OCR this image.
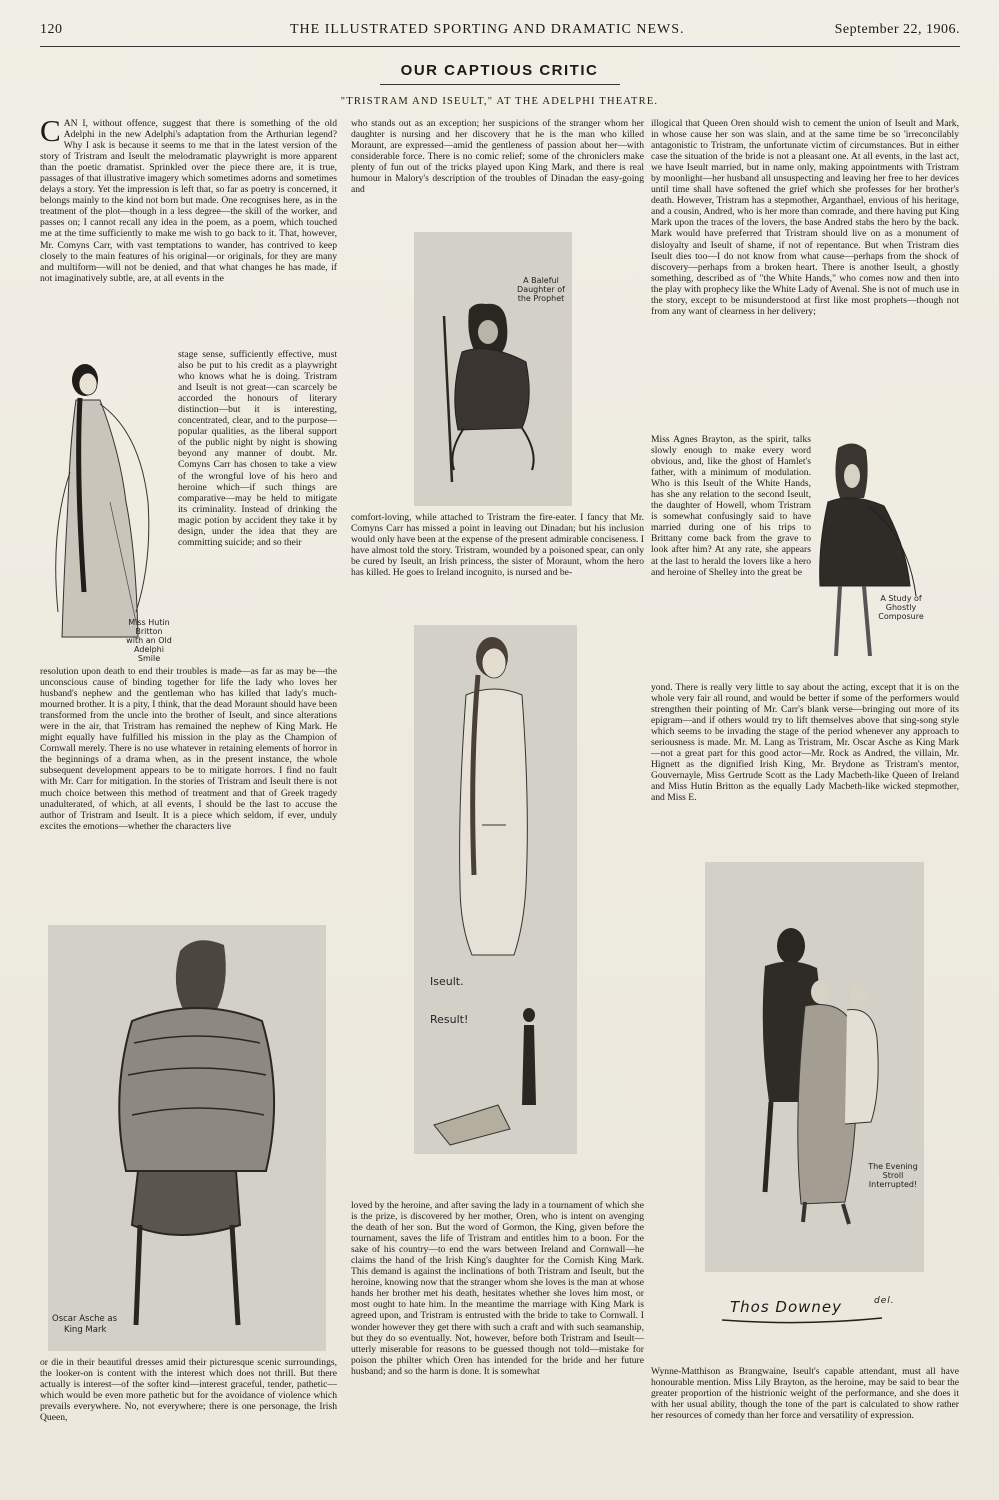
120	THE ILLUSTRATED SPORTING AND DRAMATIC NEWS.	September 22, 1906.
OUR CAPTIOUS CRITIC
"TRISTRAM AND ISEULT," AT THE ADELPHI THEATRE.
CAN I, without offence, suggest that there is something of the old Adelphi in the new Adelphi's adaptation from the Arthurian legend? Why I ask is because it seems to me that in the latest version of the story of Tristram and Iseult the melodramatic playwright is more apparent than the poetic dramatist. Sprinkled over the piece there are, it is true, passages of that illustrative imagery which sometimes adorns and sometimes delays a story. Yet the impression is left that, so far as poetry is concerned, it belongs mainly to the kind not born but made. One recognises here, as in the treatment of the plot—though in a less degree—the skill of the worker, and passes on; I cannot recall any idea in the poem, as a poem, which touched me at the time sufficiently to make me wish to go back to it. That, however, Mr. Comyns Carr, with vast temptations to wander, has contrived to keep closely to the main features of his original—or originals, for they are many and multiform—will not be denied, and that what changes he has made, if not imaginatively subtle, are, at all events in the

stage sense, sufficiently effective, must also be put to his credit as a playwright who knows what he is doing. Tristram and Iseult is not great—can scarcely be accorded the honours of literary distinction—but it is interesting, concentrated, clear, and to the purpose—popular qualities, as the liberal support of the public night by night is showing beyond any manner of doubt. Mr. Comyns Carr has chosen to take a view of the wrongful love of his hero and heroine which—if such things are comparative—may be held to mitigate its criminality. Instead of drinking the magic potion by accident they take it by design, under the idea that they are committing suicide; and so their

resolution upon death to end their troubles is made—as far as may be—the unconscious cause of binding together for life the lady who loves her husband's nephew and the gentleman who has killed that lady's much-mourned brother. It is a pity, I think, that the dead Moraunt should have been transformed from the uncle into the brother of Iseult, and since alterations were in the air, that Tristram has remained the nephew of King Mark. He might equally have fulfilled his mission in the play as the Champion of Cornwall merely. There is no use whatever in retaining elements of horror in the beginnings of a drama when, as in the present instance, the whole subsequent development appears to be to mitigate horrors. I find no fault with Mr. Carr for mitigation. In the stories of Tristram and Iseult there is not much choice between this method of treatment and that of Greek tragedy unadulterated, of which, at all events, I should be the last to accuse the author of Tristram and Iseult. It is a piece which seldom, if ever, unduly excites the emotions—whether the characters live

or die in their beautiful dresses amid their picturesque scenic surroundings, the looker-on is content with the interest which does not thrill. But there actually is interest—of the softer kind—interest graceful, tender, pathetic—which would be even more pathetic but for the avoidance of violence which prevails everywhere. No, not everywhere; there is one personage, the Irish Queen,

who stands out as an exception; her suspicions of the stranger whom her daughter is nursing and her discovery that he is the man who killed Moraunt, are expressed—amid the gentleness of passion about her—with considerable force. There is no comic relief; some of the chroniclers make plenty of fun out of the tricks played upon King Mark, and there is real humour in Malory's description of the troubles of Dinadan the easy-going and

comfort-loving, while attached to Tristram the fire-eater. I fancy that Mr. Comyns Carr has missed a point in leaving out Dinadan; but his inclusion would only have been at the expense of the present admirable conciseness. I have almost told the story. Tristram, wounded by a poisoned spear, can only be cured by Iseult, an Irish princess, the sister of Moraunt, whom the hero has killed. He goes to Ireland incognito, is nursed and be-

loved by the heroine, and after saving the lady in a tournament of which she is the prize, is discovered by her mother, Oren, who is intent on avenging the death of her son. But the word of Gormon, the King, given before the tournament, saves the life of Tristram and entitles him to a boon. For the sake of his country—to end the wars between Ireland and Cornwall—he claims the hand of the Irish King's daughter for the Cornish King Mark. This demand is against the inclinations of both Tristram and Iseult, but the heroine, knowing now that the stranger whom she loves is the man at whose hands her brother met his death, hesitates whether she loves him most, or most ought to hate him. In the meantime the marriage with King Mark is agreed upon, and Tristram is entrusted with the bride to take to Cornwall. I wonder however they get there with such a craft and with such seamanship, but they do so eventually. Not, however, before both Tristram and Iseult—utterly miserable for reasons to be guessed though not told—mistake for poison the philter which Oren has intended for the bride and her future husband; and so the harm is done. It is somewhat

illogical that Queen Oren should wish to cement the union of Iseult and Mark, in whose cause her son was slain, and at the same time be so 'irreconcilably antagonistic to Tristram, the unfortunate victim of circumstances. But in either case the situation of the bride is not a pleasant one. At all events, in the last act, we have Iseult married, but in name only, making appointments with Tristram by moonlight—her husband all unsuspecting and leaving her free to her devices until time shall have softened the grief which she professes for her brother's death. However, Tristram has a stepmother, Arganthael, envious of his heritage, and a cousin, Andred, who is her more than comrade, and there having put King Mark upon the traces of the lovers, the base Andred stabs the hero by the back. Mark would have preferred that Tristram should live on as a monument of disloyalty and Iseult of shame, if not of repentance. But when Tristram dies Iseult dies too—I do not know from what cause—perhaps from the shock of discovery—perhaps from a broken heart. There is another Iseult, a ghostly something, described as of "the White Hands," who comes now and then into the play with prophecy like the White Lady of Avenal. She is not of much use in the story, except to be misunderstood at first like most prophets—though not from any want of clearness in her delivery;

Miss Agnes Brayton, as the spirit, talks slowly enough to make every word obvious, and, like the ghost of Hamlet's father, with a minimum of modulation. Who is this Iseult of the White Hands, has she any relation to the second Iseult, the daughter of Howell, whom Tristram is somewhat confusingly said to have married during one of his trips to Brittany come back from the grave to look after him? At any rate, she appears at the last to herald the lovers like a hero and heroine of Shelley into the great be

yond. There is really very little to say about the acting, except that it is on the whole very fair all round, and would be better if some of the performers would strengthen their pointing of Mr. Carr's blank verse—bringing out more of its epigram—and if others would try to lift themselves above that sing-song style which seems to be invading the stage of the period whenever any approach to seriousness is made. Mr. M. Lang as Tristram, Mr. Oscar Asche as King Mark—not a great part for this good actor—Mr. Rock as Andred, the villain, Mr. Hignett as the dignified Irish King, Mr. Brydone as Tristram's mentor, Gouvernayle, Miss Gertrude Scott as the Lady Macbeth-like Queen of Ireland and Miss Hutin Britton as the equally Lady Macbeth-like wicked stepmother, and Miss E.

Wynne-Matthison as Brangwaine, Iseult's capable attendant, must all have honourable mention. Miss Lily Brayton, as the heroine, may be said to bear the greater proportion of the histrionic weight of the performance, and she does it with her usual ability, though the tone of the part is calculated to show rather her resources of comedy than her force and versatility of expression.

Miss Hutin Britton with an Old Adelphi Smile
A Baleful Daughter of the Prophet
Iseult.
Result!
A Study of Ghostly Composure
Oscar Asche as
King Mark
The Evening Stroll Interrupted!
Thos Downey	del.
